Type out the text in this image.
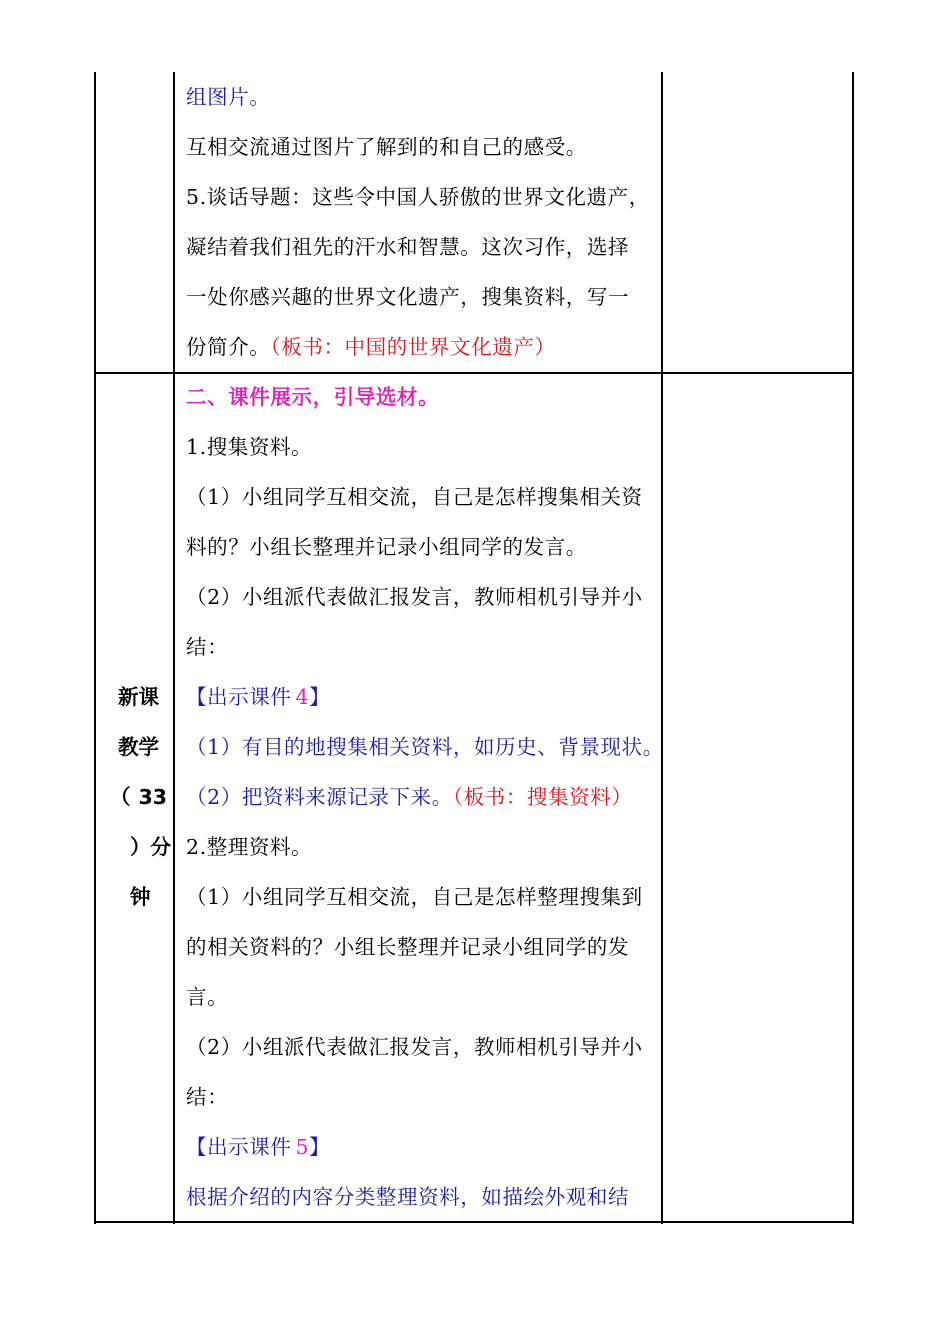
组图片。
互相交流通过图片了解到的和自己的感受。
5.谈话导题：这些令中国人骄傲的世界文化遗产，
凝结着我们祖先的汗水和智慧。这次习作，选择
一处你感兴趣的世界文化遗产，搜集资料，写一
份简介。（板书：中国的世界文化遗产）
新课
教学
（ 33
）分
钟
二、课件展示，引导选材。
1.搜集资料。
（1）小组同学互相交流，自己是怎样搜集相关资
料的？小组长整理并记录小组同学的发言。
（2）小组派代表做汇报发言，教师相机引导并小
结：
【出示课件 4】
（1）有目的地搜集相关资料，如历史、背景现状。
（2）把资料来源记录下来。（板书：搜集资料）
2.整理资料。
（1）小组同学互相交流，自己是怎样整理搜集到
的相关资料的？小组长整理并记录小组同学的发
言。
（2）小组派代表做汇报发言，教师相机引导并小
结：
【出示课件 5】
根据介绍的内容分类整理资料，如描绘外观和结
